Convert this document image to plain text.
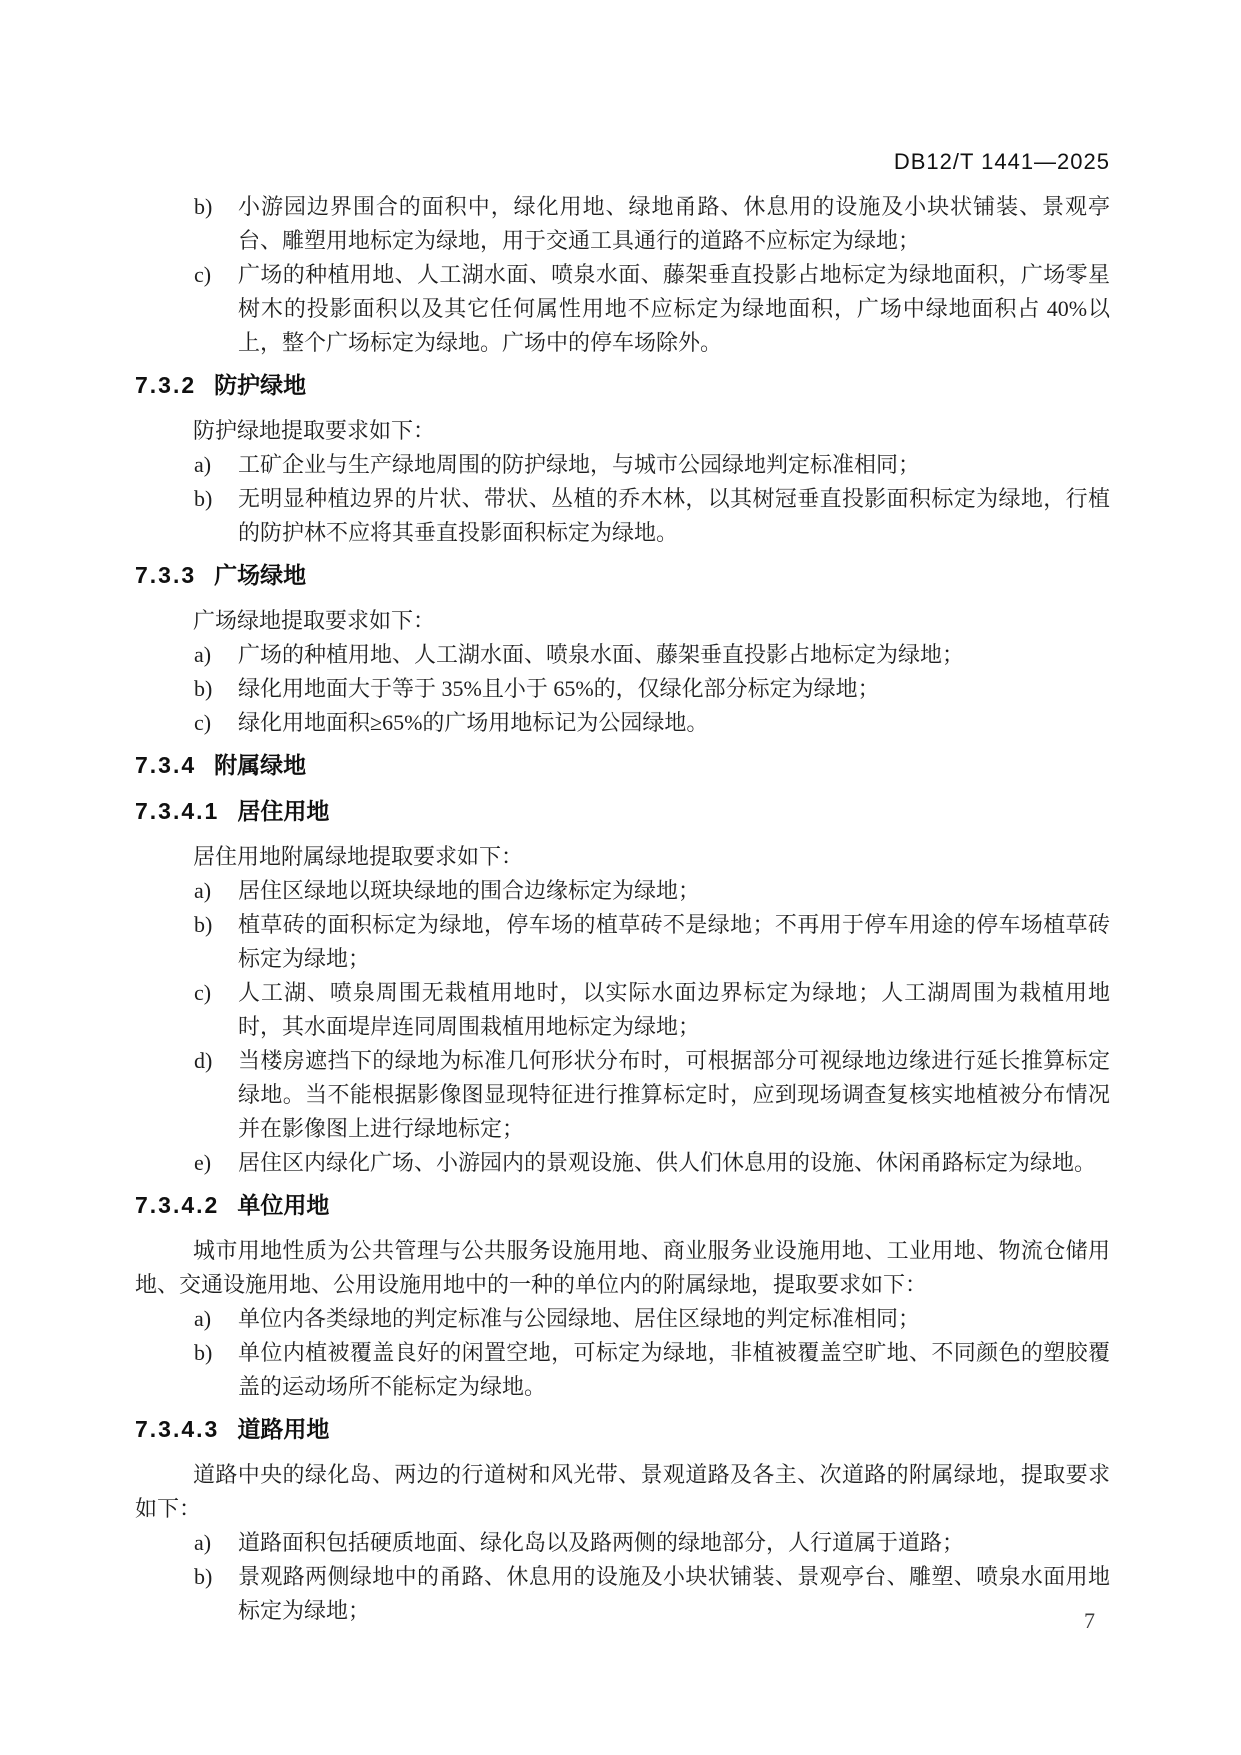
DB12/T 1441—2025
b) 小游园边界围合的面积中，绿化用地、绿地甬路、休息用的设施及小块状铺装、景观亭台、雕塑用地标定为绿地，用于交通工具通行的道路不应标定为绿地；
c) 广场的种植用地、人工湖水面、喷泉水面、藤架垂直投影占地标定为绿地面积，广场零星树木的投影面积以及其它任何属性用地不应标定为绿地面积，广场中绿地面积占 40%以上，整个广场标定为绿地。广场中的停车场除外。
7.3.2 防护绿地

防护绿地提取要求如下：

a) 工矿企业与生产绿地周围的防护绿地，与城市公园绿地判定标准相同；
b) 无明显种植边界的片状、带状、丛植的乔木林，以其树冠垂直投影面积标定为绿地，行植的防护林不应将其垂直投影面积标定为绿地。
7.3.3 广场绿地

广场绿地提取要求如下：

a) 广场的种植用地、人工湖水面、喷泉水面、藤架垂直投影占地标定为绿地；
b) 绿化用地面大于等于 35%且小于 65%的，仅绿化部分标定为绿地；
c) 绿化用地面积≥65%的广场用地标记为公园绿地。
7.3.4 附属绿地
7.3.4.1 居住用地

居住用地附属绿地提取要求如下：

a) 居住区绿地以斑块绿地的围合边缘标定为绿地；
b) 植草砖的面积标定为绿地，停车场的植草砖不是绿地；不再用于停车用途的停车场植草砖标定为绿地；
c) 人工湖、喷泉周围无栽植用地时，以实际水面边界标定为绿地；人工湖周围为栽植用地时，其水面堤岸连同周围栽植用地标定为绿地；
d) 当楼房遮挡下的绿地为标准几何形状分布时，可根据部分可视绿地边缘进行延长推算标定绿地。当不能根据影像图显现特征进行推算标定时，应到现场调查复核实地植被分布情况并在影像图上进行绿地标定；
e) 居住区内绿化广场、小游园内的景观设施、供人们休息用的设施、休闲甬路标定为绿地。
7.3.4.2 单位用地

城市用地性质为公共管理与公共服务设施用地、商业服务业设施用地、工业用地、物流仓储用地、交通设施用地、公用设施用地中的一种的单位内的附属绿地，提取要求如下：

a) 单位内各类绿地的判定标准与公园绿地、居住区绿地的判定标准相同；
b) 单位内植被覆盖良好的闲置空地，可标定为绿地，非植被覆盖空旷地、不同颜色的塑胶覆盖的运动场所不能标定为绿地。
7.3.4.3 道路用地

道路中央的绿化岛、两边的行道树和风光带、景观道路及各主、次道路的附属绿地，提取要求如下：

a) 道路面积包括硬质地面、绿化岛以及路两侧的绿地部分，人行道属于道路；
b) 景观路两侧绿地中的甬路、休息用的设施及小块状铺装、景观亭台、雕塑、喷泉水面用地标定为绿地；	7
